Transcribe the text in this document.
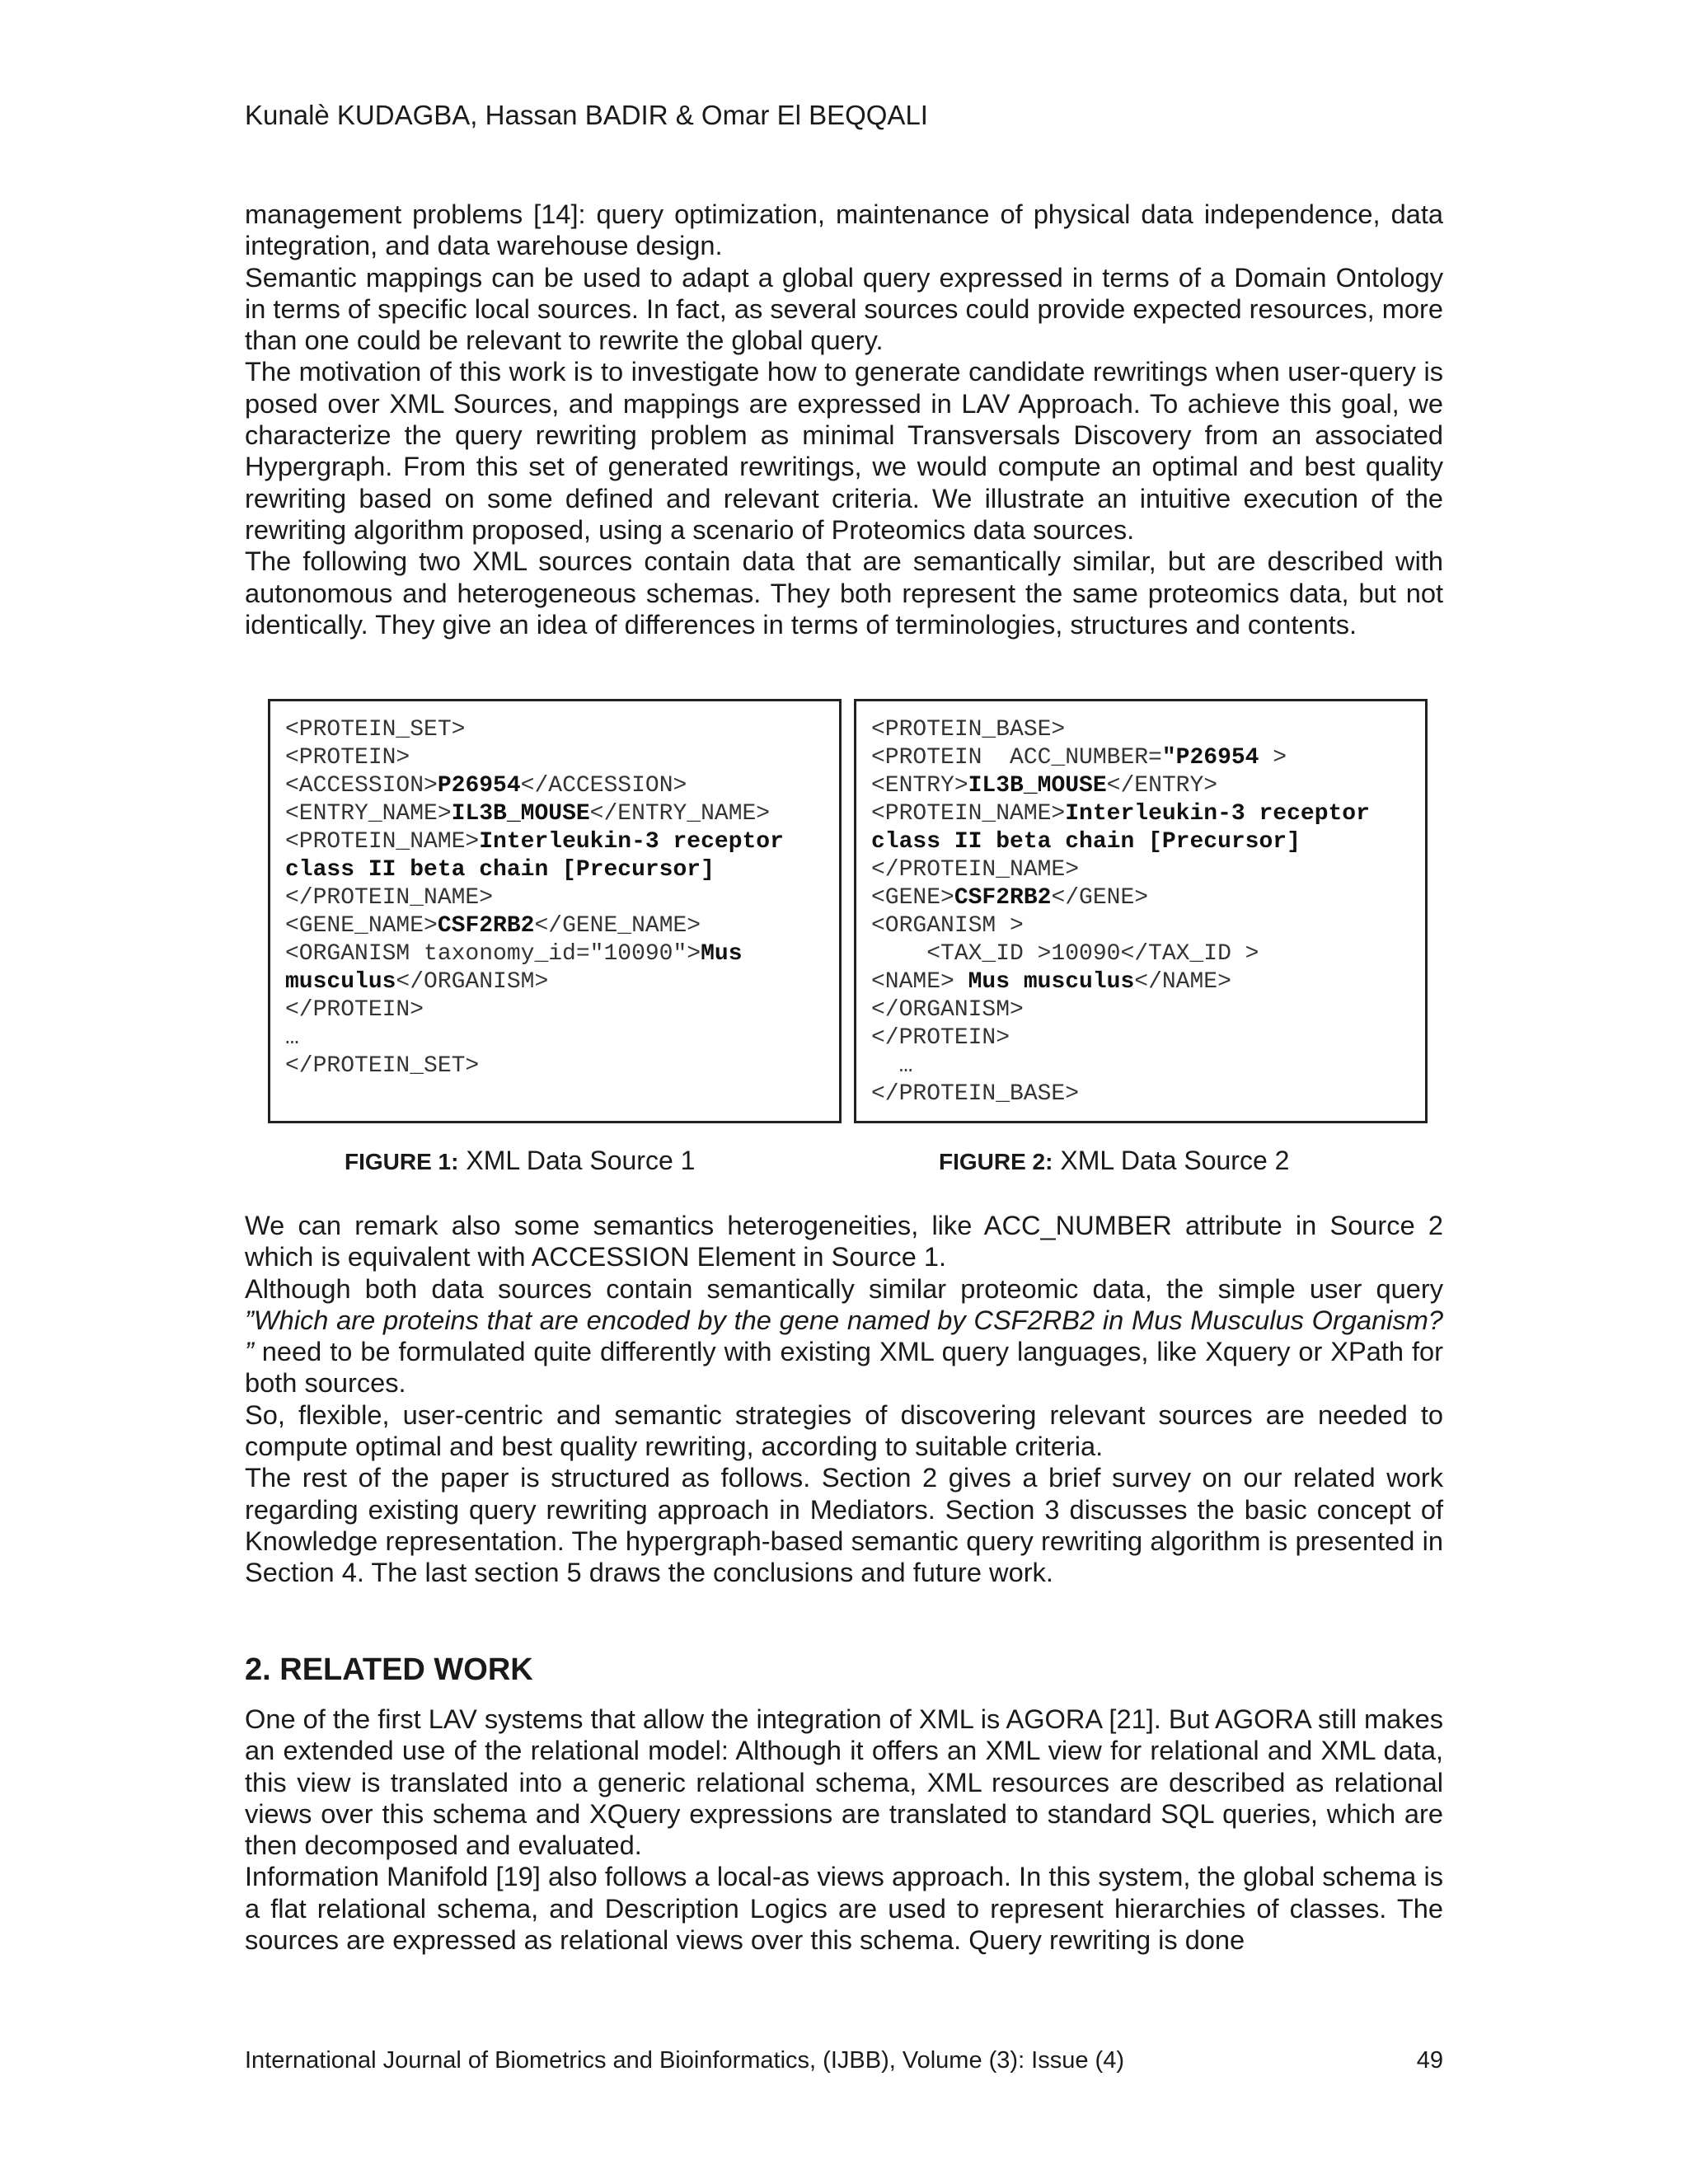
Kunalè KUDAGBA, Hassan BADIR & Omar El BEQQALI

management problems [14]: query optimization, maintenance of physical data independence, data integration, and data warehouse design.

Semantic mappings can be used to adapt a global query expressed in terms of a Domain Ontology in terms of specific local sources. In fact, as several sources could provide expected resources, more than one could be relevant to rewrite the global query.

The motivation of this work is to investigate how to generate candidate rewritings when user-query is posed over XML Sources, and mappings are expressed in LAV Approach. To achieve this goal, we characterize the query rewriting problem as minimal Transversals Discovery from an associated Hypergraph. From this set of generated rewritings, we would compute an optimal and best quality rewriting based on some defined and relevant criteria. We illustrate an intuitive execution of the rewriting algorithm proposed, using a scenario of Proteomics data sources.

The following two XML sources contain data that are semantically similar, but are described with autonomous and heterogeneous schemas. They both represent the same proteomics data, but not identically. They give an idea of differences in terms of terminologies, structures and contents.

<PROTEIN_SET>
<PROTEIN>
<ACCESSION>P26954</ACCESSION>
<ENTRY_NAME>IL3B_MOUSE</ENTRY_NAME>
<PROTEIN_NAME>Interleukin-3 receptor
class II beta chain [Precursor]
</PROTEIN_NAME>
<GENE_NAME>CSF2RB2</GENE_NAME>
<ORGANISM taxonomy_id="10090">Mus
musculus</ORGANISM>
</PROTEIN>
…
</PROTEIN_SET>
<PROTEIN_BASE>
<PROTEIN  ACC_NUMBER="P26954 >
<ENTRY>IL3B_MOUSE</ENTRY>
<PROTEIN_NAME>Interleukin-3 receptor
class II beta chain [Precursor]
</PROTEIN_NAME>
<GENE>CSF2RB2</GENE>
<ORGANISM >
<TAX_ID >10090</TAX_ID >
<NAME> Mus musculus</NAME>
</ORGANISM>
</PROTEIN>
…
</PROTEIN_BASE>
FIGURE 1: XML Data Source 1	FIGURE 2: XML Data Source 2

We can remark also some semantics heterogeneities, like ACC_NUMBER attribute in Source 2 which is equivalent with ACCESSION Element in Source 1.

Although both data sources contain semantically similar proteomic data, the simple user query ”Which are proteins that are encoded by the gene named by CSF2RB2 in Mus Musculus Organism? ” need to be formulated quite differently with existing XML query languages, like Xquery or XPath for both sources.

So, flexible, user-centric and semantic strategies of discovering relevant sources are needed to compute optimal and best quality rewriting, according to suitable criteria.

The rest of the paper is structured as follows. Section 2 gives a brief survey on our related work regarding existing query rewriting approach in Mediators. Section 3 discusses the basic concept of Knowledge representation. The hypergraph-based semantic query rewriting algorithm is presented in Section 4. The last section 5 draws the conclusions and future work.

2. RELATED WORK

One of the first LAV systems that allow the integration of XML is AGORA [21]. But AGORA still makes an extended use of the relational model: Although it offers an XML view for relational and XML data, this view is translated into a generic relational schema, XML resources are described as relational views over this schema and XQuery expressions are translated to standard SQL queries, which are then decomposed and evaluated.

Information Manifold [19] also follows a local-as views approach. In this system, the global schema is a flat relational schema, and Description Logics are used to represent hierarchies of classes. The sources are expressed as relational views over this schema. Query rewriting is done

International Journal of Biometrics and Bioinformatics, (IJBB), Volume (3): Issue (4)	49
